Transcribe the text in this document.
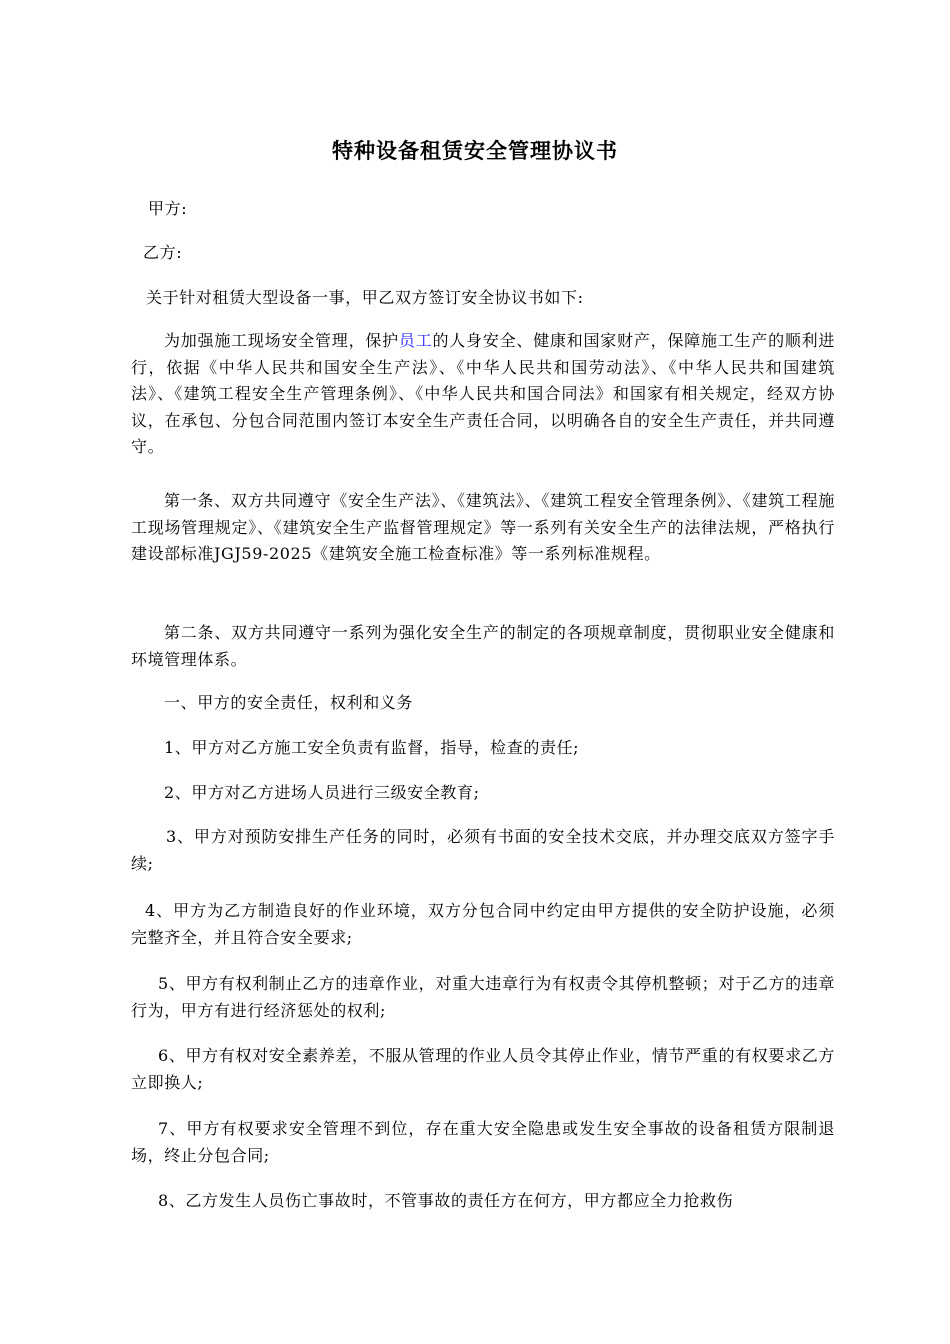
特种设备租赁安全管理协议书
甲方:
乙方:
关于针对租赁大型设备一事，甲乙双方签订安全协议书如下:
为加强施工现场安全管理，保护员工的人身安全、健康和国家财产，保障施工生产的顺利进行，依据《中华人民共和国安全生产法》、《中华人民共和国劳动法》、《中华人民共和国建筑法》、《建筑工程安全生产管理条例》、《中华人民共和国合同法》和国家有相关规定，经双方协议，在承包、分包合同范围内签订本安全生产责任合同，以明确各自的安全生产责任，并共同遵守。
第一条、双方共同遵守《安全生产法》、《建筑法》、《建筑工程安全管理条例》、《建筑工程施工现场管理规定》、《建筑安全生产监督管理规定》等一系列有关安全生产的法律法规，严格执行建设部标准JGJ59-2025《建筑安全施工检查标准》等一系列标准规程。
第二条、双方共同遵守一系列为强化安全生产的制定的各项规章制度，贯彻职业安全健康和环境管理体系。
一、甲方的安全责任，权利和义务
1、甲方对乙方施工安全负责有监督，指导，检查的责任;
2、甲方对乙方进场人员进行三级安全教育;
3、甲方对预防安排生产任务的同时，必须有书面的安全技术交底，并办理交底双方签字手续;
4、甲方为乙方制造良好的作业环境，双方分包合同中约定由甲方提供的安全防护设施，必须完整齐全，并且符合安全要求;
5、甲方有权利制止乙方的违章作业，对重大违章行为有权责令其停机整顿；对于乙方的违章行为，甲方有进行经济惩处的权利;
6、甲方有权对安全素养差，不服从管理的作业人员令其停止作业，情节严重的有权要求乙方立即换人;
7、甲方有权要求安全管理不到位，存在重大安全隐患或发生安全事故的设备租赁方限制退场，终止分包合同;
8、乙方发生人员伤亡事故时，不管事故的责任方在何方，甲方都应全力抢救伤
